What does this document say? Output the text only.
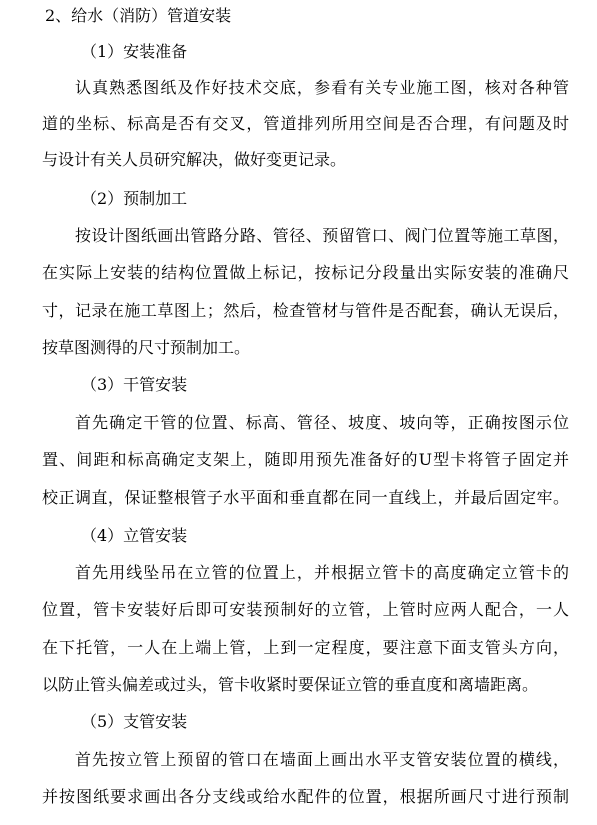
2、给水（消防）管道安装
（1）安装准备
认真熟悉图纸及作好技术交底，参看有关专业施工图，核对各种管
道的坐标、标高是否有交叉，管道排列所用空间是否合理，有问题及时
与设计有关人员研究解决，做好变更记录。
（2）预制加工
按设计图纸画出管路分路、管径、预留管口、阀门位置等施工草图，
在实际上安装的结构位置做上标记，按标记分段量出实际安装的准确尺
寸，记录在施工草图上；然后，检查管材与管件是否配套，确认无误后，
按草图测得的尺寸预制加工。
（3）干管安装
首先确定干管的位置、标高、管径、坡度、坡向等，正确按图示位
置、间距和标高确定支架上，随即用预先准备好的U型卡将管子固定并
校正调直，保证整根管子水平面和垂直都在同一直线上，并最后固定牢。
（4）立管安装
首先用线坠吊在立管的位置上，并根据立管卡的高度确定立管卡的
位置，管卡安装好后即可安装预制好的立管，上管时应两人配合，一人
在下托管，一人在上端上管，上到一定程度，要注意下面支管头方向，
以防止管头偏差或过头，管卡收紧时要保证立管的垂直度和离墙距离。
（5）支管安装
首先按立管上预留的管口在墙面上画出水平支管安装位置的横线，
并按图纸要求画出各分支线或给水配件的位置，根据所画尺寸进行预制
